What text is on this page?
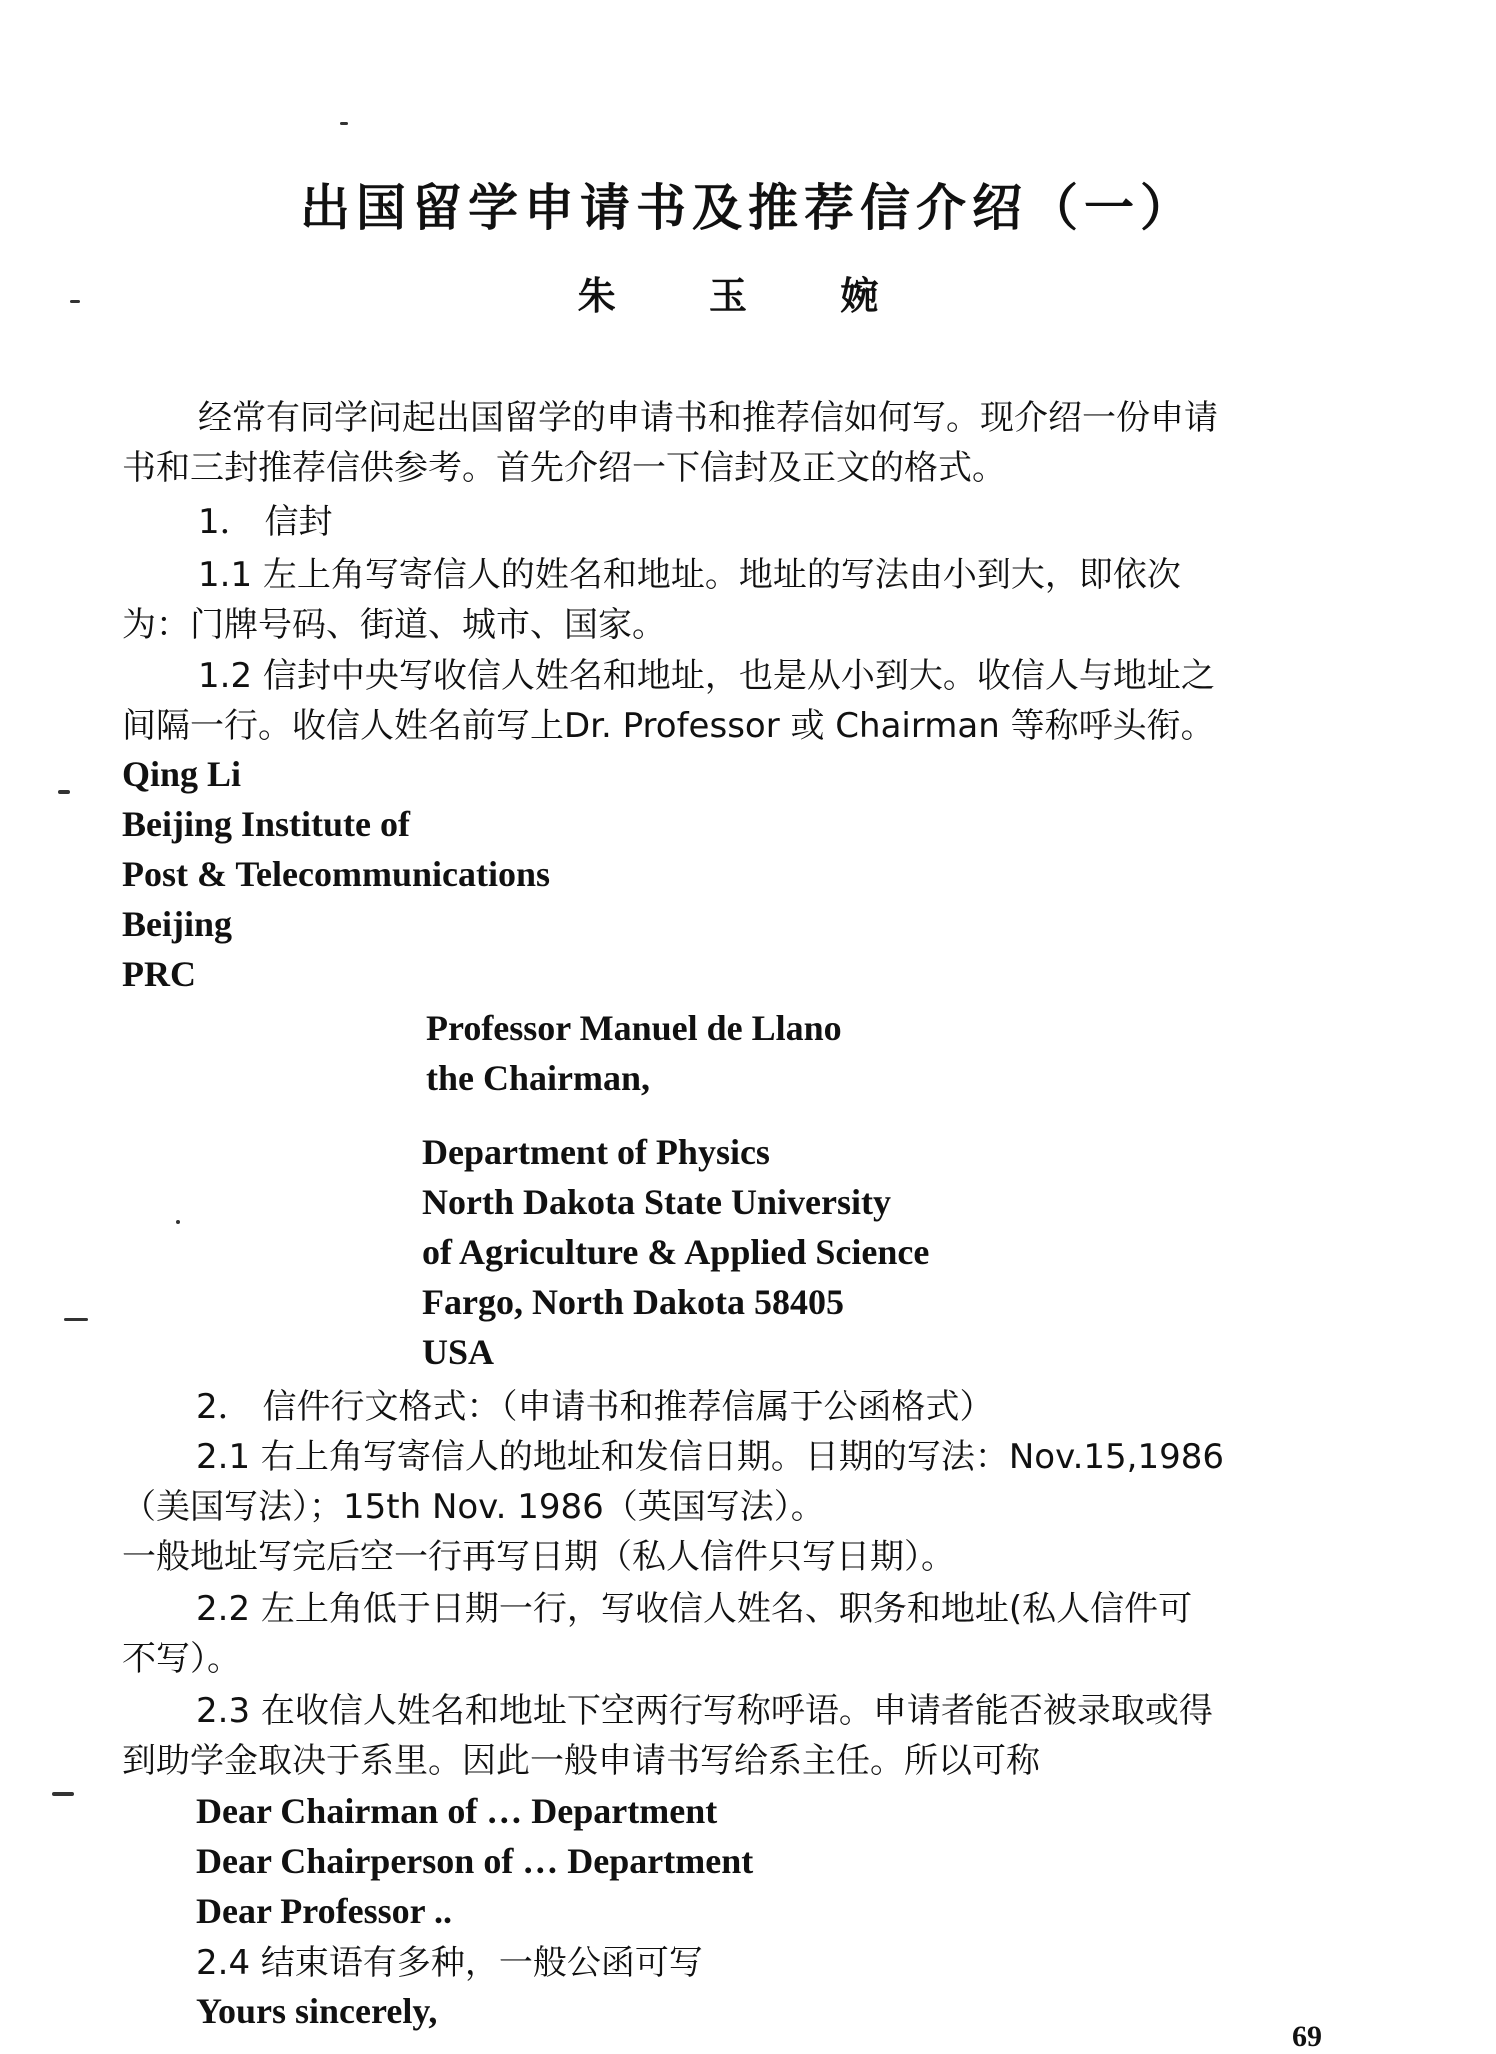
出国留学申请书及推荐信介绍（一）
朱 玉 婉
经常有同学问起出国留学的申请书和推荐信如何写。现介绍一份申请
书和三封推荐信供参考。首先介绍一下信封及正文的格式。
1． 信封
1.1 左上角写寄信人的姓名和地址。地址的写法由小到大，即依次
为：门牌号码、街道、城市、国家。
1.2 信封中央写收信人姓名和地址，也是从小到大。收信人与地址之
间隔一行。收信人姓名前写上Dr. Professor 或 Chairman 等称呼头衔。
Qing Li
Beijing Institute of
Post & Telecommunications
Beijing
PRC
Professor Manuel de Llano
the Chairman,
Department of Physics
North Dakota State University
of Agriculture & Applied Science
Fargo, North Dakota 58405
USA
2． 信件行文格式：（申请书和推荐信属于公函格式）
2.1 右上角写寄信人的地址和发信日期。日期的写法：Nov.15,1986
（美国写法）；15th Nov. 1986（英国写法）。
一般地址写完后空一行再写日期（私人信件只写日期）。
2.2 左上角低于日期一行，写收信人姓名、职务和地址(私人信件可
不写）。
2.3 在收信人姓名和地址下空两行写称呼语。申请者能否被录取或得
到助学金取决于系里。因此一般申请书写给系主任。所以可称
Dear Chairman of … Department
Dear Chairperson of … Department
Dear Professor ..
2.4 结束语有多种，一般公函可写
Yours sincerely,
69
